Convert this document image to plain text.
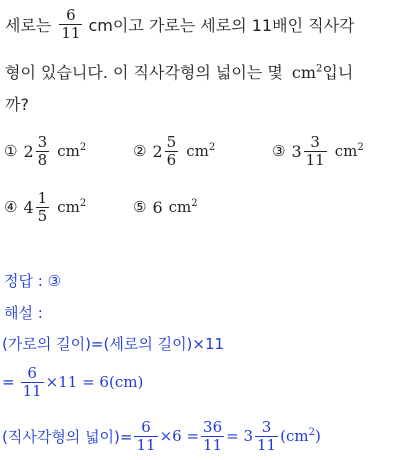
세로는 $\frac{6}{11}$ cm이고 가로는 세로의 11배인 직사각
형이 있습니다. 이 직사각형의 넓이는 몇 $cm^2$입니
까?
① $2 \frac{3}{8} cm^2$	② $2 \frac{5}{6} cm^2$	③ $3 \frac{3}{11} cm^2$
④ $4 \frac{1}{5} cm^2$	⑤ 6 $cm^2$
정답 : ③
해설 :
(가로의 길이)=(세로의 길이)×11
= $\frac{6}{11} \times 11 = 6(cm)$
(직사각형의 넓이)= $\frac{6}{11} \times 6 = \frac{36}{11} = 3 \frac{3}{11} (cm^2)$
